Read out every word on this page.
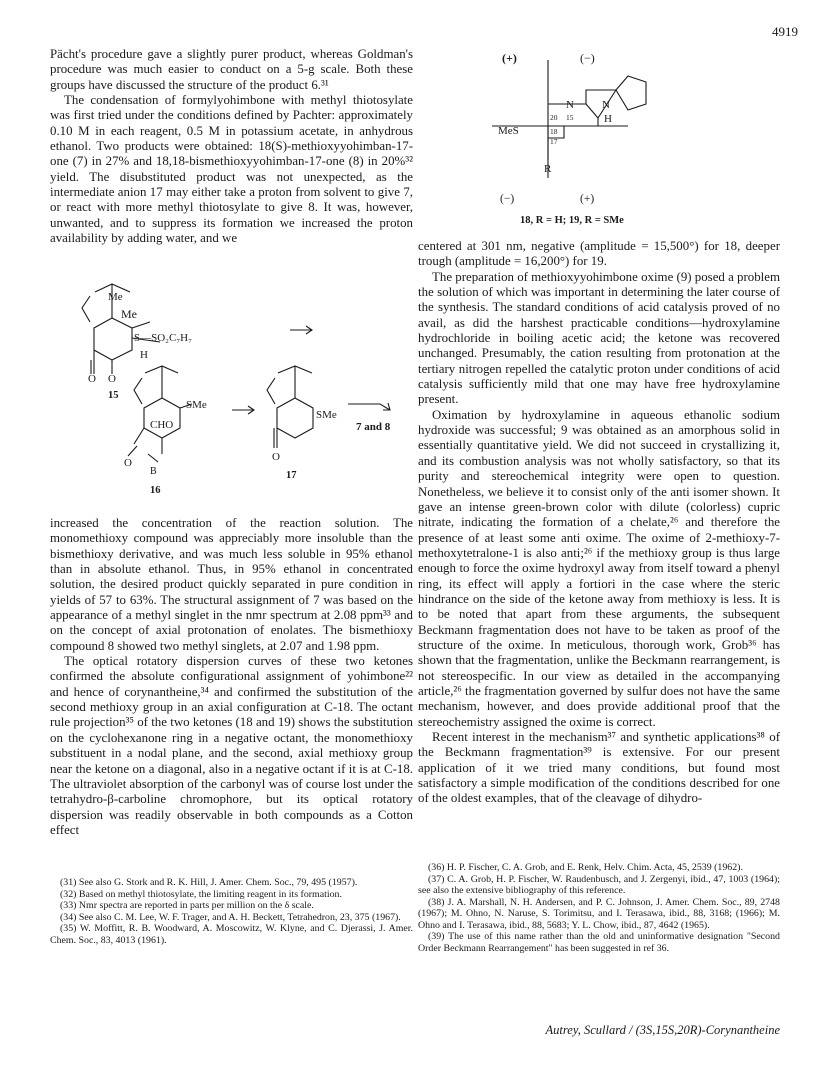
4919

Pächt's procedure gave a slightly purer product, whereas Goldman's procedure was much easier to conduct on a 5-g scale. Both these groups have discussed the structure of the product 6.³¹

The condensation of formylyohimbone with methyl thiotosylate was first tried under the conditions defined by Pachter: approximately 0.10 M in each reagent, 0.5 M in potassium acetate, in anhydrous ethanol. Two products were obtained: 18(S)-methioxyyohimban-17-one (7) in 27% and 18,18-bismethioxyyohimban-17-one (8) in 20%³² yield. The disubstituted product was not unexpected, as the intermediate anion 17 may either take a proton from solvent to give 7, or react with more methyl thiotosylate to give 8. It was, however, unwanted, and to suppress its formation we increased the proton availability by adding water, and we

Me
Me
S—SO₂C₇H₇
H
O
O
15
SMe
CHO
O
B
16
SMe
O
17
7 and 8

increased the concentration of the reaction solution. The monomethioxy compound was appreciably more insoluble than the bismethioxy derivative, and was much less soluble in 95% ethanol than in absolute ethanol. Thus, in 95% ethanol in concentrated solution, the desired product quickly separated in pure condition in yields of 57 to 63%. The structural assignment of 7 was based on the appearance of a methyl singlet in the nmr spectrum at 2.08 ppm³³ and on the concept of axial protonation of enolates. The bismethioxy compound 8 showed two methyl singlets, at 2.07 and 1.98 ppm.

The optical rotatory dispersion curves of these two ketones confirmed the absolute configurational assignment of yohimbone²² and hence of corynantheine,³⁴ and confirmed the substitution of the second methioxy group in an axial configuration at C-18. The octant rule projection³⁵ of the two ketones (18 and 19) shows the substitution on the cyclohexanone ring in a negative octant, the monomethioxy substituent in a nodal plane, and the second, axial methioxy group near the ketone on a diagonal, also in a negative octant if it is at C-18. The ultraviolet absorption of the carbonyl was of course lost under the tetrahydro-β-carboline chromophore, but its optical rotatory dispersion was readily observable in both compounds as a Cotton effect

(+)	(−)
N	N
H
20 15
18
17
MeS
R
(−)	(+)
18, R = H; 19, R = SMe

centered at 301 nm, negative (amplitude = 15,500°) for 18, deeper trough (amplitude = 16,200°) for 19.

The preparation of methioxyyohimbone oxime (9) posed a problem the solution of which was important in determining the later course of the synthesis. The standard conditions of acid catalysis proved of no avail, as did the harshest practicable conditions—hydroxylamine hydrochloride in boiling acetic acid; the ketone was recovered unchanged. Presumably, the cation resulting from protonation at the tertiary nitrogen repelled the catalytic proton under conditions of acid catalysis sufficiently mild that one may have free hydroxylamine present.

Oximation by hydroxylamine in aqueous ethanolic sodium hydroxide was successful; 9 was obtained as an amorphous solid in essentially quantitative yield. We did not succeed in crystallizing it, and its combustion analysis was not wholly satisfactory, so that its purity and stereochemical integrity were open to question. Nonetheless, we believe it to consist only of the anti isomer shown. It gave an intense green-brown color with dilute (colorless) cupric nitrate, indicating the formation of a chelate,²⁶ and therefore the presence of at least some anti oxime. The oxime of 2-methioxy-7-methoxytetralone-1 is also anti;²⁶ if the methioxy group is thus large enough to force the oxime hydroxyl away from itself toward a phenyl ring, its effect will apply a fortiori in the case where the steric hindrance on the side of the ketone away from methioxy is less. It is to be noted that apart from these arguments, the subsequent Beckmann fragmentation does not have to be taken as proof of the structure of the oxime. In meticulous, thorough work, Grob³⁶ has shown that the fragmentation, unlike the Beckmann rearrangement, is not stereospecific. In our view as detailed in the accompanying article,²⁶ the fragmentation governed by sulfur does not have the same mechanism, however, and does provide additional proof that the stereochemistry assigned the oxime is correct.

Recent interest in the mechanism³⁷ and synthetic applications³⁸ of the Beckmann fragmentation³⁹ is extensive. For our present application of it we tried many conditions, but found most satisfactory a simple modification of the conditions described for one of the oldest examples, that of the cleavage of dihydro-

(31) See also G. Stork and R. K. Hill, J. Amer. Chem. Soc., 79, 495 (1957).

(32) Based on methyl thiotosylate, the limiting reagent in its formation.

(33) Nmr spectra are reported in parts per million on the δ scale.

(34) See also C. M. Lee, W. F. Trager, and A. H. Beckett, Tetrahedron, 23, 375 (1967).

(35) W. Moffitt, R. B. Woodward, A. Moscowitz, W. Klyne, and C. Djerassi, J. Amer. Chem. Soc., 83, 4013 (1961).

(36) H. P. Fischer, C. A. Grob, and E. Renk, Helv. Chim. Acta, 45, 2539 (1962).

(37) C. A. Grob, H. P. Fischer, W. Raudenbusch, and J. Zergenyi, ibid., 47, 1003 (1964); see also the extensive bibliography of this reference.

(38) J. A. Marshall, N. H. Andersen, and P. C. Johnson, J. Amer. Chem. Soc., 89, 2748 (1967); M. Ohno, N. Naruse, S. Torimitsu, and I. Terasawa, ibid., 88, 3168; (1966); M. Ohno and I. Terasawa, ibid., 88, 5683; Y. L. Chow, ibid., 87, 4642 (1965).

(39) The use of this name rather than the old and uninformative designation "Second Order Beckmann Rearrangement" has been suggested in ref 36.

Autrey, Scullard / (3S,15S,20R)-Corynantheine
